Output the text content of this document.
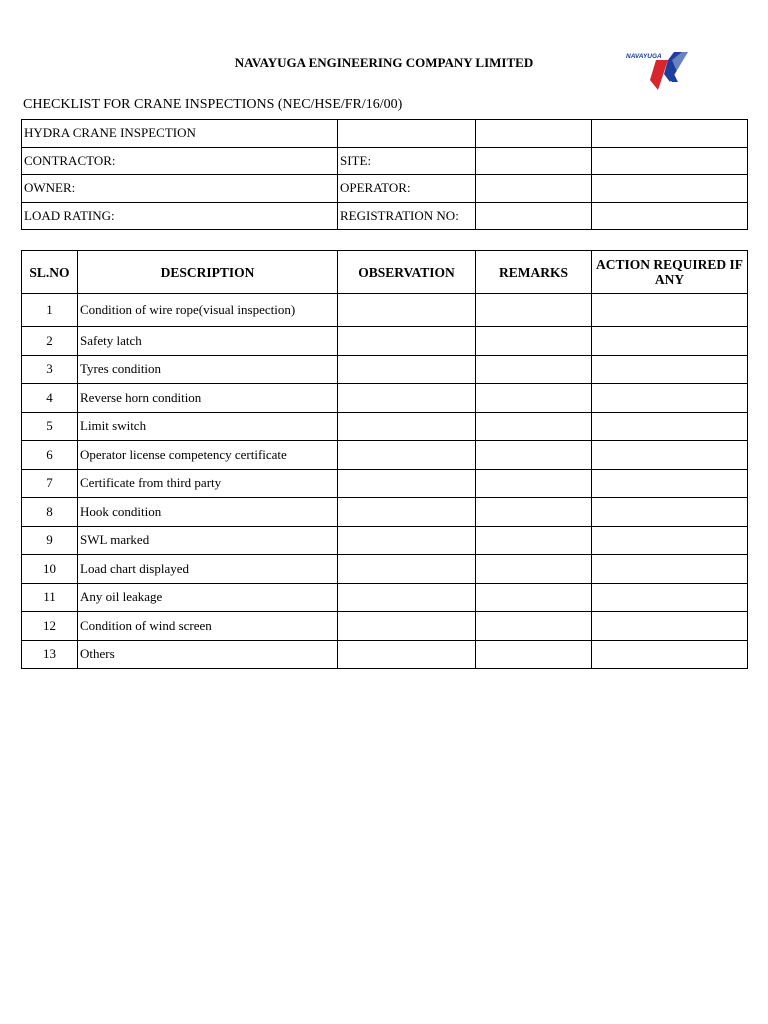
NAVAYUGA ENGINEERING COMPANY LIMITED	NAVAYUGA

CHECKLIST FOR CRANE INSPECTIONS (NEC/HSE/FR/16/00)

HYDRA CRANE INSPECTION				
CONTRACTOR:		SITE:		
OWNER:		OPERATOR:		
LOAD RATING:		REGISTRATION NO:		
SL.NO	DESCRIPTION	OBSERVATION	REMARKS	ACTION REQUIRED IF ANY
1	Condition of wire rope(visual inspection)			
2	Safety latch			
3	Tyres condition			
4	Reverse horn condition			
5	Limit switch			
6	Operator license competency certificate			
7	Certificate from third party			
8	Hook condition			
9	SWL marked			
10	Load chart displayed			
11	Any oil leakage			
12	Condition of wind screen			
13	Others			
